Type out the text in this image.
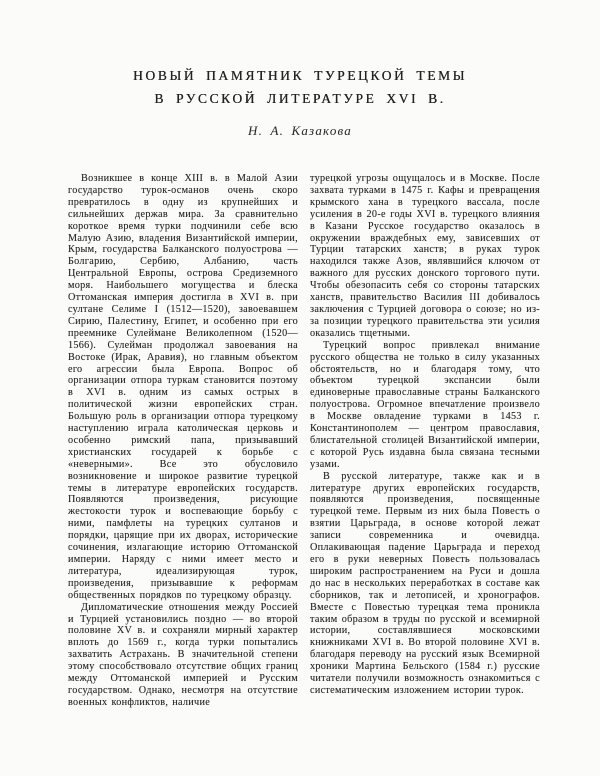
НОВЫЙ ПАМЯТНИК ТУРЕЦКОЙ ТЕМЫ
В РУССКОЙ ЛИТЕРАТУРЕ XVI В.
Н. А. Казакова

Возникшее в конце XIII в. в Малой Азии государство турок-османов очень скоро превратилось в одну из крупнейших и сильнейших держав мира. За сравнительно короткое время турки подчинили себе всю Малую Азию, владения Византийской империи, Крым, государства Балканского полуострова — Болгарию, Сербию, Албанию, часть Центральной Европы, острова Средиземного моря. Наибольшего могущества и блеска Оттоманская империя достигла в XVI в. при султане Селиме I (1512—1520), завоевавшем Сирию, Палестину, Египет, и особенно при его преемнике Сулеймане Великолепном (1520—1566). Сулейман продолжал завоевания на Востоке (Ирак, Аравия), но главным объектом его агрессии была Европа. Вопрос об организации отпора туркам становится поэтому в XVI в. одним из самых острых в политической жизни европейских стран. Большую роль в организации отпора турецкому наступлению играла католическая церковь и особенно римский папа, призывавший христианских государей к борьбе с «неверными». Все это обусловило возникновение и широкое развитие турецкой темы в литературе европейских государств. Появляются произведения, рисующие жестокости турок и воспевающие борьбу с ними, памфлеты на турецких султанов и порядки, царящие при их дворах, исторические сочинения, излагающие историю Оттоманской империи. Наряду с ними имеет место и литература, идеализирующая турок, произведения, призывавшие к реформам общественных порядков по турецкому образцу.

Дипломатические отношения между Россией и Турцией установились поздно — во второй половине XV в. и сохраняли мирный характер вплоть до 1569 г., когда турки попытались захватить Астрахань. В значительной степени этому способствовало отсутствие общих границ между Оттоманской империей и Русским государством. Однако, несмотря на отсутствие военных конфликтов, наличие

турецкой угрозы ощущалось и в Москве. После захвата турками в 1475 г. Кафы и превращения крымского хана в турецкого вассала, после усиления в 20-е годы XVI в. турецкого влияния в Казани Русское государство оказалось в окружении враждебных ему, зависевших от Турции татарских ханств; в руках турок находился также Азов, являвшийся ключом от важного для русских донского торгового пути. Чтобы обезопасить себя со стороны татарских ханств, правительство Василия III добивалось заключения с Турцией договора о союзе; но из-за позиции турецкого правительства эти усилия оказались тщетными.

Турецкий вопрос привлекал внимание русского общества не только в силу указанных обстоятельств, но и благодаря тому, что объектом турецкой экспансии были единоверные православные страны Балканского полуострова. Огромное впечатление произвело в Москве овладение турками в 1453 г. Константинополем — центром православия, блистательной столицей Византийской империи, с которой Русь издавна была связана тесными узами.

В русской литературе, также как и в литературе других европейских государств, появляются произведения, посвященные турецкой теме. Первым из них была Повесть о взятии Царьграда, в основе которой лежат записи современника и очевидца. Оплакивающая падение Царьграда и переход его в руки неверных Повесть пользовалась широким распространением на Руси и дошла до нас в нескольких переработках в составе как сборников, так и летописей, и хронографов. Вместе с Повестью турецкая тема проникла таким образом в труды по русской и всемирной истории, составлявшиеся московскими книжниками XVI в. Во второй половине XVI в. благодаря переводу на русский язык Всемирной хроники Мартина Бельского (1584 г.) русские читатели получили возможность ознакомиться с систематическим изложением истории турок.
